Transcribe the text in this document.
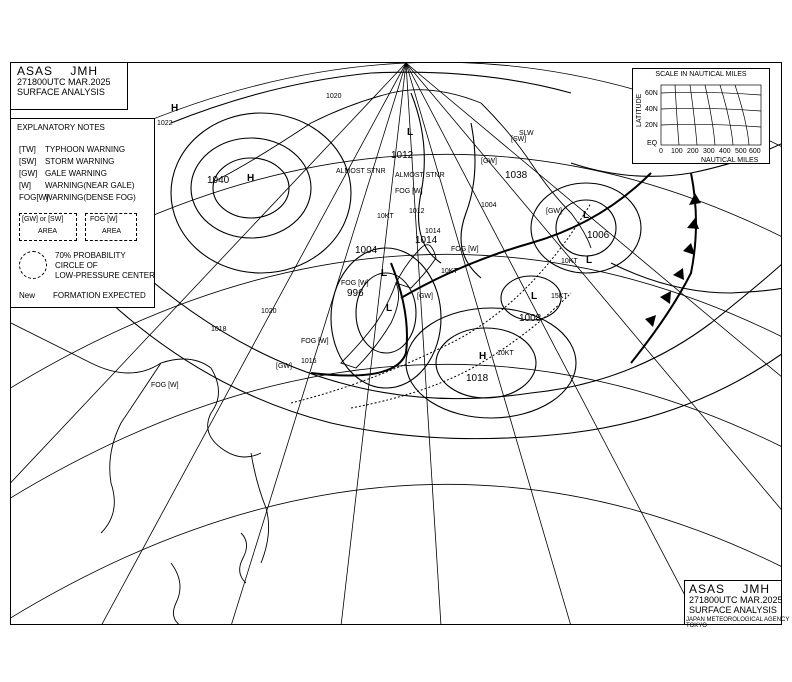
H
L
L
L
L
H
L
H
L
1004
996
1006
1008
1018
1038
1040
1012
1014
1020
1022
1012
1014
1016
1018
1020
1004
[GW]
[GW]
[GW]
[GW]
[SW]
FOG [W]
FOG [W]
FOG [W]
FOG [W]
FOG [W]
ALMOST STNR
ALMOST STNR
SLW
10KT
10KT
10KT
15KT
10KT
ASAS JMH
271800UTC MAR.2025
SURFACE ANALYSIS
EXPLANATORY NOTES
[TW] TYPHOON WARNING
[SW] STORM WARNING
[GW] GALE WARNING
[W] WARNING(NEAR GALE)
FOG[W]WARNING(DENSE FOG)
[GW] or [SW]
AREA
FOG [W]
AREA
70% PROBABILITY
CIRCLE OF
LOW-PRESSURE CENTER
New FORMATION EXPECTED
SCALE IN NAUTICAL MILES
LATITUDE
60N
40N
20N
EQ
0 100 200 300 400 500 600
NAUTICAL MILES
ASAS JMH
271800UTC MAR.2025
SURFACE ANALYSIS
JAPAN METEOROLOGICAL AGENCY TOKYO
